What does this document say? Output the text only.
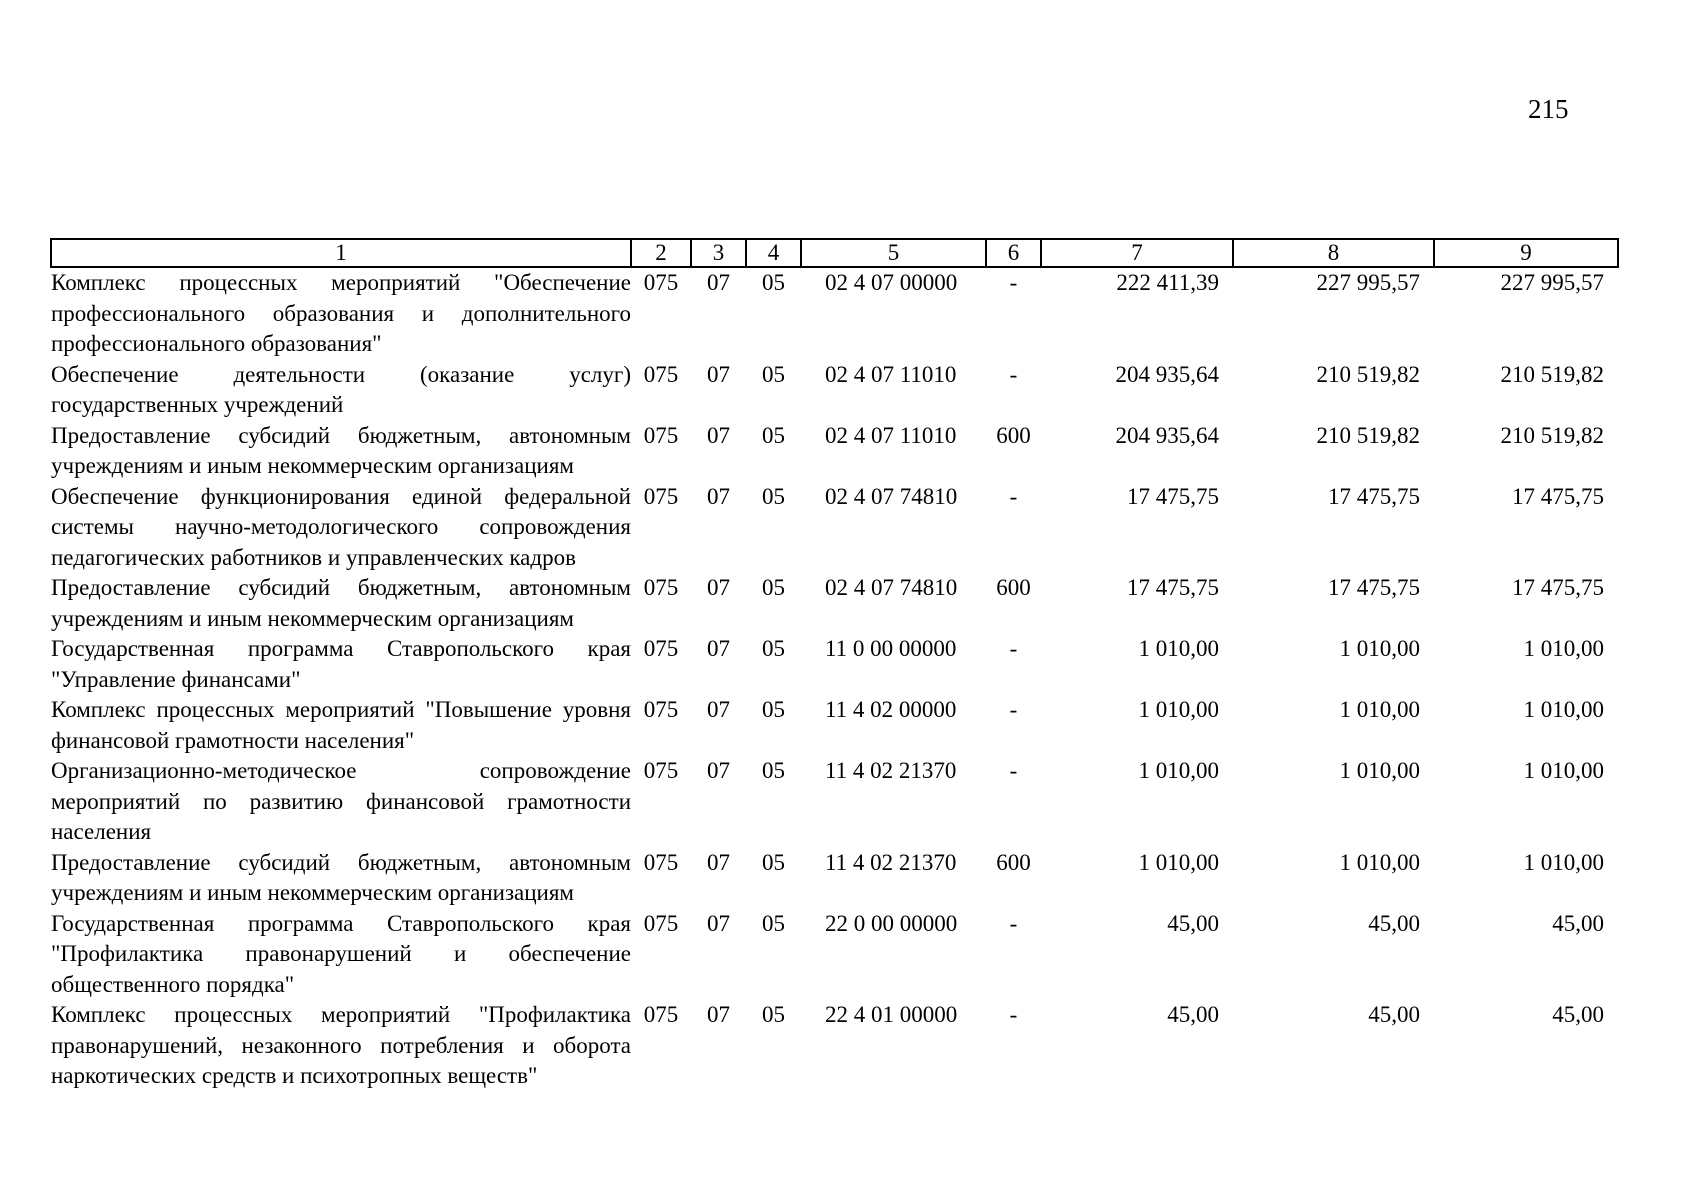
215
1	2	3	4	5	6	7	8	9
Комплекс процессных мероприятий "Обеспечение профессионального образования и дополнительного профессионального образования"	075	07	05	02 4 07 00000	-	222 411,39	227 995,57	227 995,57
Обеспечение деятельности (оказание услуг) государственных учреждений	075	07	05	02 4 07 11010	-	204 935,64	210 519,82	210 519,82
Предоставление субсидий бюджетным, автономным учреждениям и иным некоммерческим организациям	075	07	05	02 4 07 11010	600	204 935,64	210 519,82	210 519,82
Обеспечение функционирования единой федеральной системы научно-методологического сопровождения педагогических работников и управленческих кадров	075	07	05	02 4 07 74810	-	17 475,75	17 475,75	17 475,75
Предоставление субсидий бюджетным, автономным учреждениям и иным некоммерческим организациям	075	07	05	02 4 07 74810	600	17 475,75	17 475,75	17 475,75
Государственная программа Ставропольского края "Управление финансами"	075	07	05	11 0 00 00000	-	1 010,00	1 010,00	1 010,00
Комплекс процессных мероприятий "Повышение уровня финансовой грамотности населения"	075	07	05	11 4 02 00000	-	1 010,00	1 010,00	1 010,00
Организационно-методическое сопровождение мероприятий по развитию финансовой грамотности населения	075	07	05	11 4 02 21370	-	1 010,00	1 010,00	1 010,00
Предоставление субсидий бюджетным, автономным учреждениям и иным некоммерческим организациям	075	07	05	11 4 02 21370	600	1 010,00	1 010,00	1 010,00
Государственная программа Ставропольского края "Профилактика правонарушений и обеспечение общественного порядка"	075	07	05	22 0 00 00000	-	45,00	45,00	45,00
Комплекс процессных мероприятий "Профилактика правонарушений, незаконного потребления и оборота наркотических средств и психотропных веществ"	075	07	05	22 4 01 00000	-	45,00	45,00	45,00
